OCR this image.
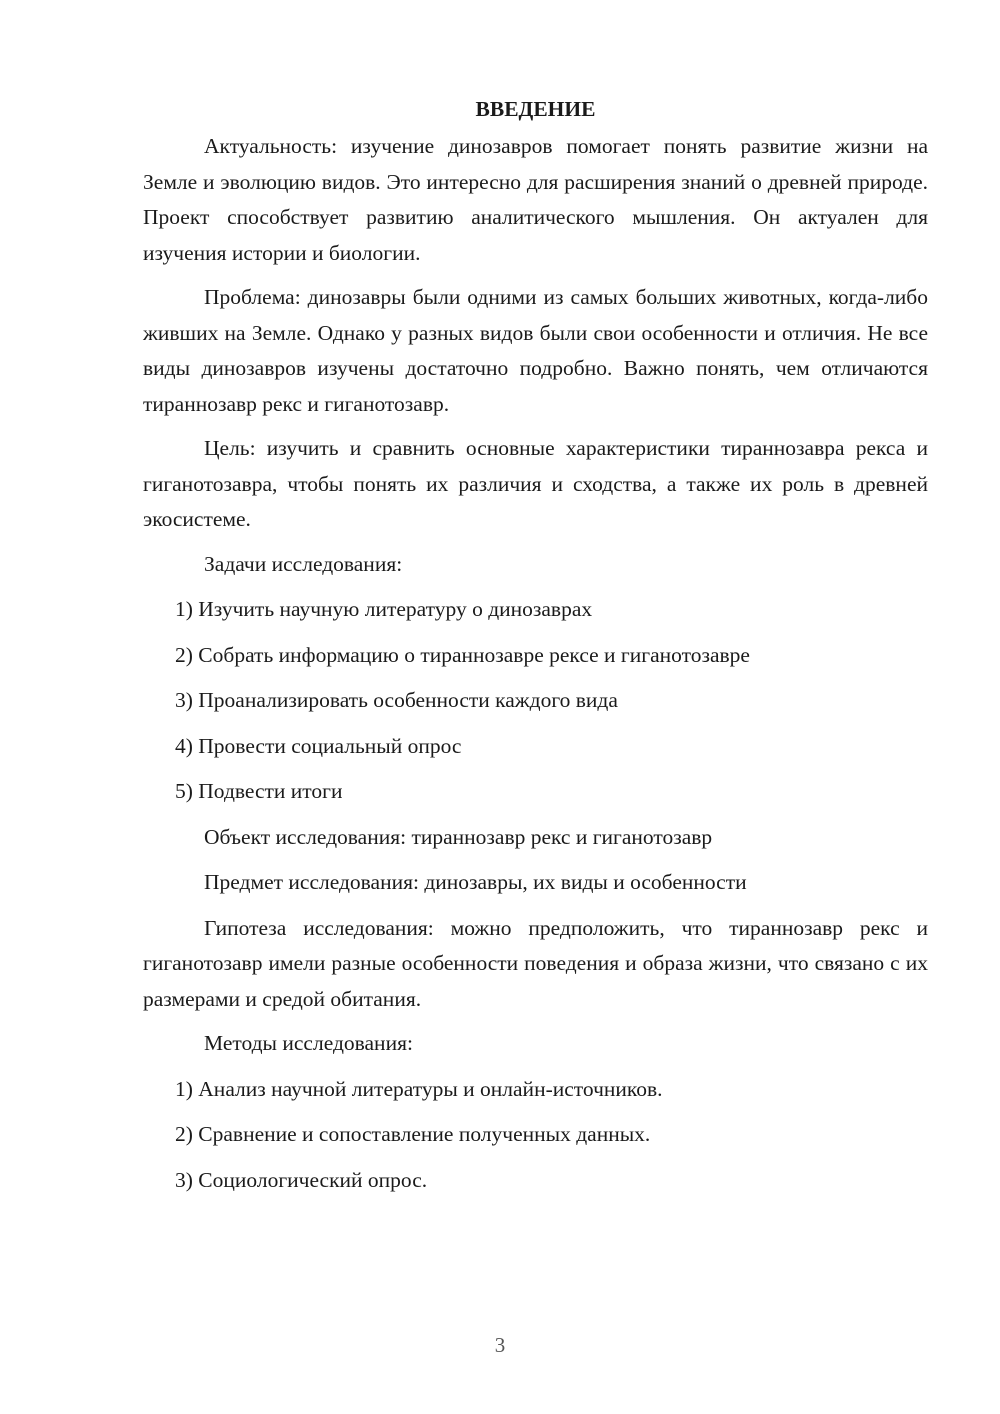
ВВЕДЕНИЕ

Актуальность: изучение динозавров помогает понять развитие жизни на Земле и эволюцию видов. Это интересно для расширения знаний о древней природе. Проект способствует развитию аналитического мышления. Он актуален для изучения истории и биологии.

Проблема: динозавры были одними из самых больших животных, когда-либо живших на Земле. Однако у разных видов были свои особенности и отличия. Не все виды динозавров изучены достаточно подробно. Важно понять, чем отличаются тираннозавр рекс и гиганотозавр.

Цель: изучить и сравнить основные характеристики тираннозавра рекса и гиганотозавра, чтобы понять их различия и сходства, а также их роль в древней экосистеме.

Задачи исследования:
1) Изучить научную литературу о динозаврах
2) Собрать информацию о тираннозавре рексе и гиганотозавре
3) Проанализировать особенности каждого вида
4) Провести социальный опрос
5) Подвести итоги
Объект исследования: тираннозавр рекс и гиганотозавр
Предмет исследования: динозавры, их виды и особенности

Гипотеза исследования: можно предположить, что тираннозавр рекс и гиганотозавр имели разные особенности поведения и образа жизни, что связано с их размерами и средой обитания.

Методы исследования:
1) Анализ научной литературы и онлайн-источников.
2) Сравнение и сопоставление полученных данных.
3) Социологический опрос.
3
